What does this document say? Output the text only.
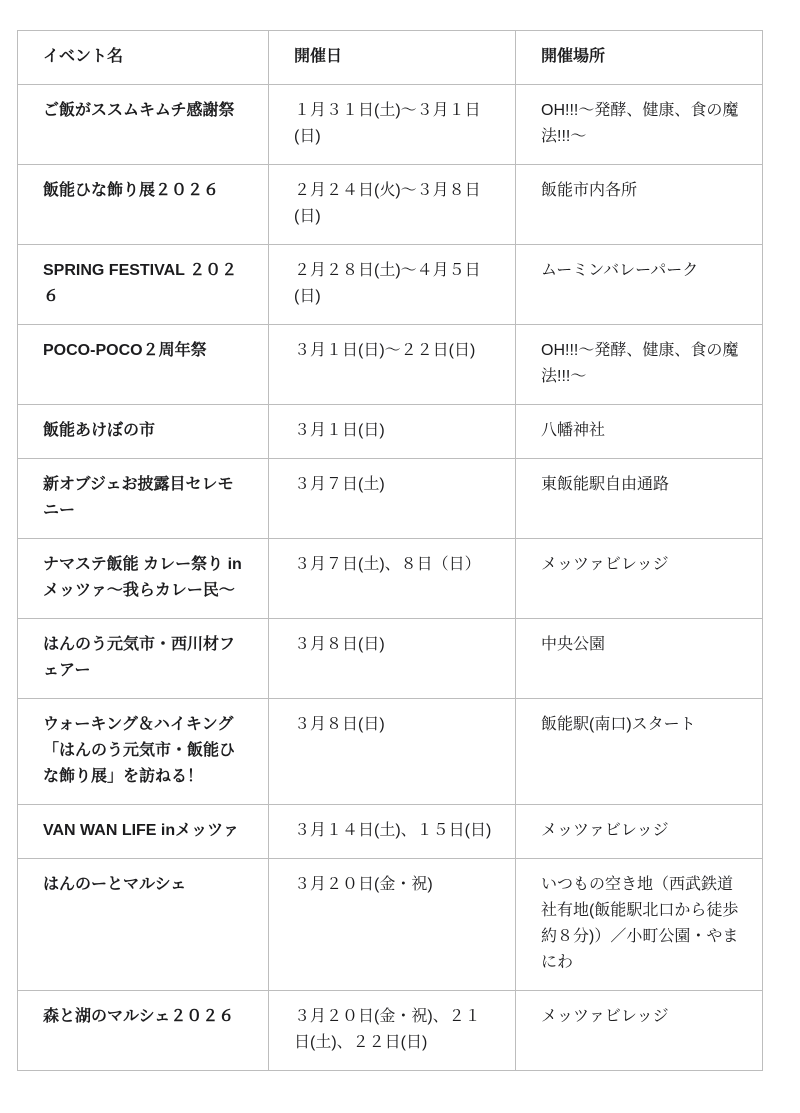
イベント名	開催日	開催場所
ご飯がススムキムチ感謝祭	１月３１日(土)～３月１日(日)	OH!!!～発酵、健康、食の魔法!!!～
飯能ひな飾り展２０２６	２月２４日(火)～３月８日(日)	飯能市内各所
SPRING FESTIVAL ２０２６	２月２８日(土)～４月５日(日)	ムーミンバレーパーク
POCO-POCO２周年祭	３月１日(日)～２２日(日)	OH!!!～発酵、健康、食の魔法!!!～
飯能あけぼの市	３月１日(日)	八幡神社
新オブジェお披露目セレモニー	３月７日(土)	東飯能駅自由通路
ナマステ飯能 カレー祭り in メッツァ～我らカレー民～	３月７日(土)、８日（日）	メッツァビレッジ
はんのう元気市・西川材フェアー	３月８日(日)	中央公園
ウォーキング＆ハイキング「はんのう元気市・飯能ひな飾り展」を訪ねる！	３月８日(日)	飯能駅(南口)スタート
VAN WAN LIFE inメッツァ	３月１４日(土)、１５日(日)	メッツァビレッジ
はんのーとマルシェ	３月２０日(金・祝)	いつもの空き地（西武鉄道社有地(飯能駅北口から徒歩約８分)）／小町公園・やまにわ
森と湖のマルシェ２０２６	３月２０日(金・祝)、２１日(土)、２２日(日)	メッツァビレッジ
